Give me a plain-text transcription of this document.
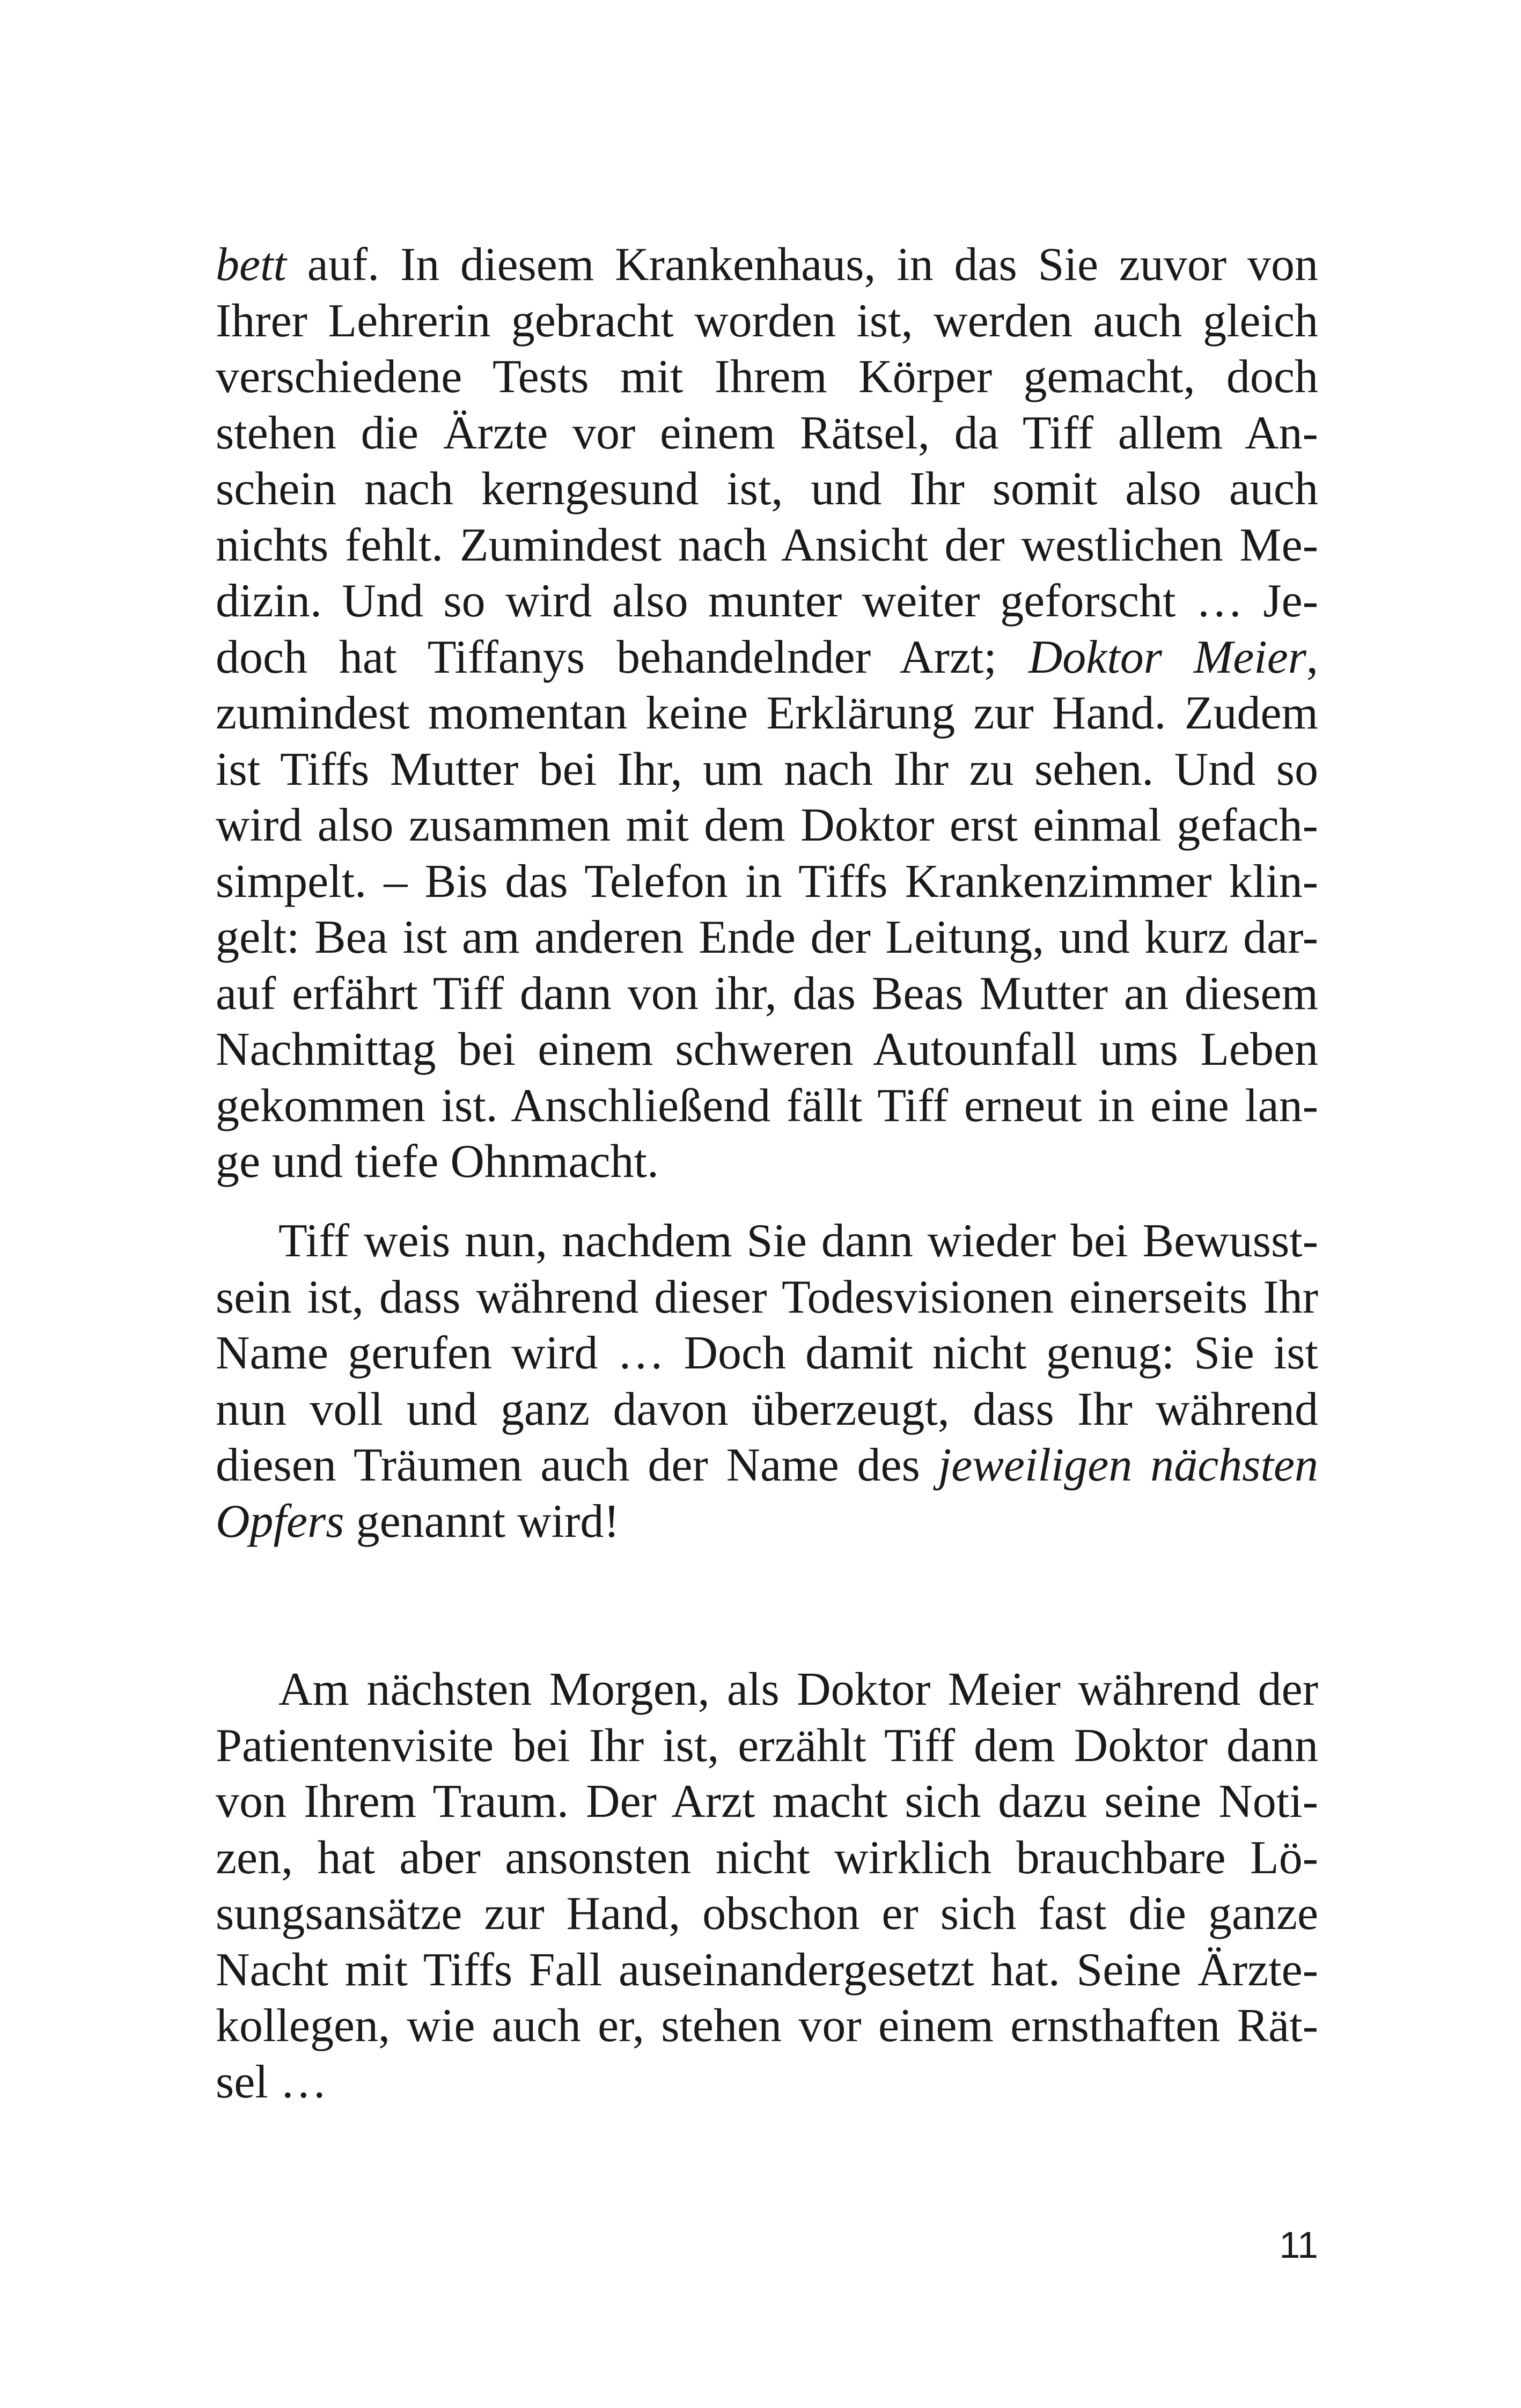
bett auf. In diesem Krankenhaus, in das Sie zuvor von
Ihrer Lehrerin gebracht worden ist, werden auch gleich
verschiedene Tests mit Ihrem Körper gemacht, doch
stehen die Ärzte vor einem Rätsel, da Tiff allem An-
schein nach kerngesund ist, und Ihr somit also auch
nichts fehlt. Zumindest nach Ansicht der westlichen Me-
dizin. Und so wird also munter weiter geforscht … Je-
doch hat Tiffanys behandelnder Arzt; Doktor Meier,
zumindest momentan keine Erklärung zur Hand. Zudem
ist Tiffs Mutter bei Ihr, um nach Ihr zu sehen. Und so
wird also zusammen mit dem Doktor erst einmal gefach-
simpelt. – Bis das Telefon in Tiffs Krankenzimmer klin-
gelt: Bea ist am anderen Ende der Leitung, und kurz dar-
auf erfährt Tiff dann von ihr, das Beas Mutter an diesem
Nachmittag bei einem schweren Autounfall ums Leben
gekommen ist. Anschließend fällt Tiff erneut in eine lan-
ge und tiefe Ohnmacht.
Tiff weis nun, nachdem Sie dann wieder bei Bewusst-
sein ist, dass während dieser Todesvisionen einerseits Ihr
Name gerufen wird … Doch damit nicht genug: Sie ist
nun voll und ganz davon überzeugt, dass Ihr während
diesen Träumen auch der Name des jeweiligen nächsten
Opfers genannt wird!
Am nächsten Morgen, als Doktor Meier während der
Patientenvisite bei Ihr ist, erzählt Tiff dem Doktor dann
von Ihrem Traum. Der Arzt macht sich dazu seine Noti-
zen, hat aber ansonsten nicht wirklich brauchbare Lö-
sungsansätze zur Hand, obschon er sich fast die ganze
Nacht mit Tiffs Fall auseinandergesetzt hat. Seine Ärzte-
kollegen, wie auch er, stehen vor einem ernsthaften Rät-
sel …
11
